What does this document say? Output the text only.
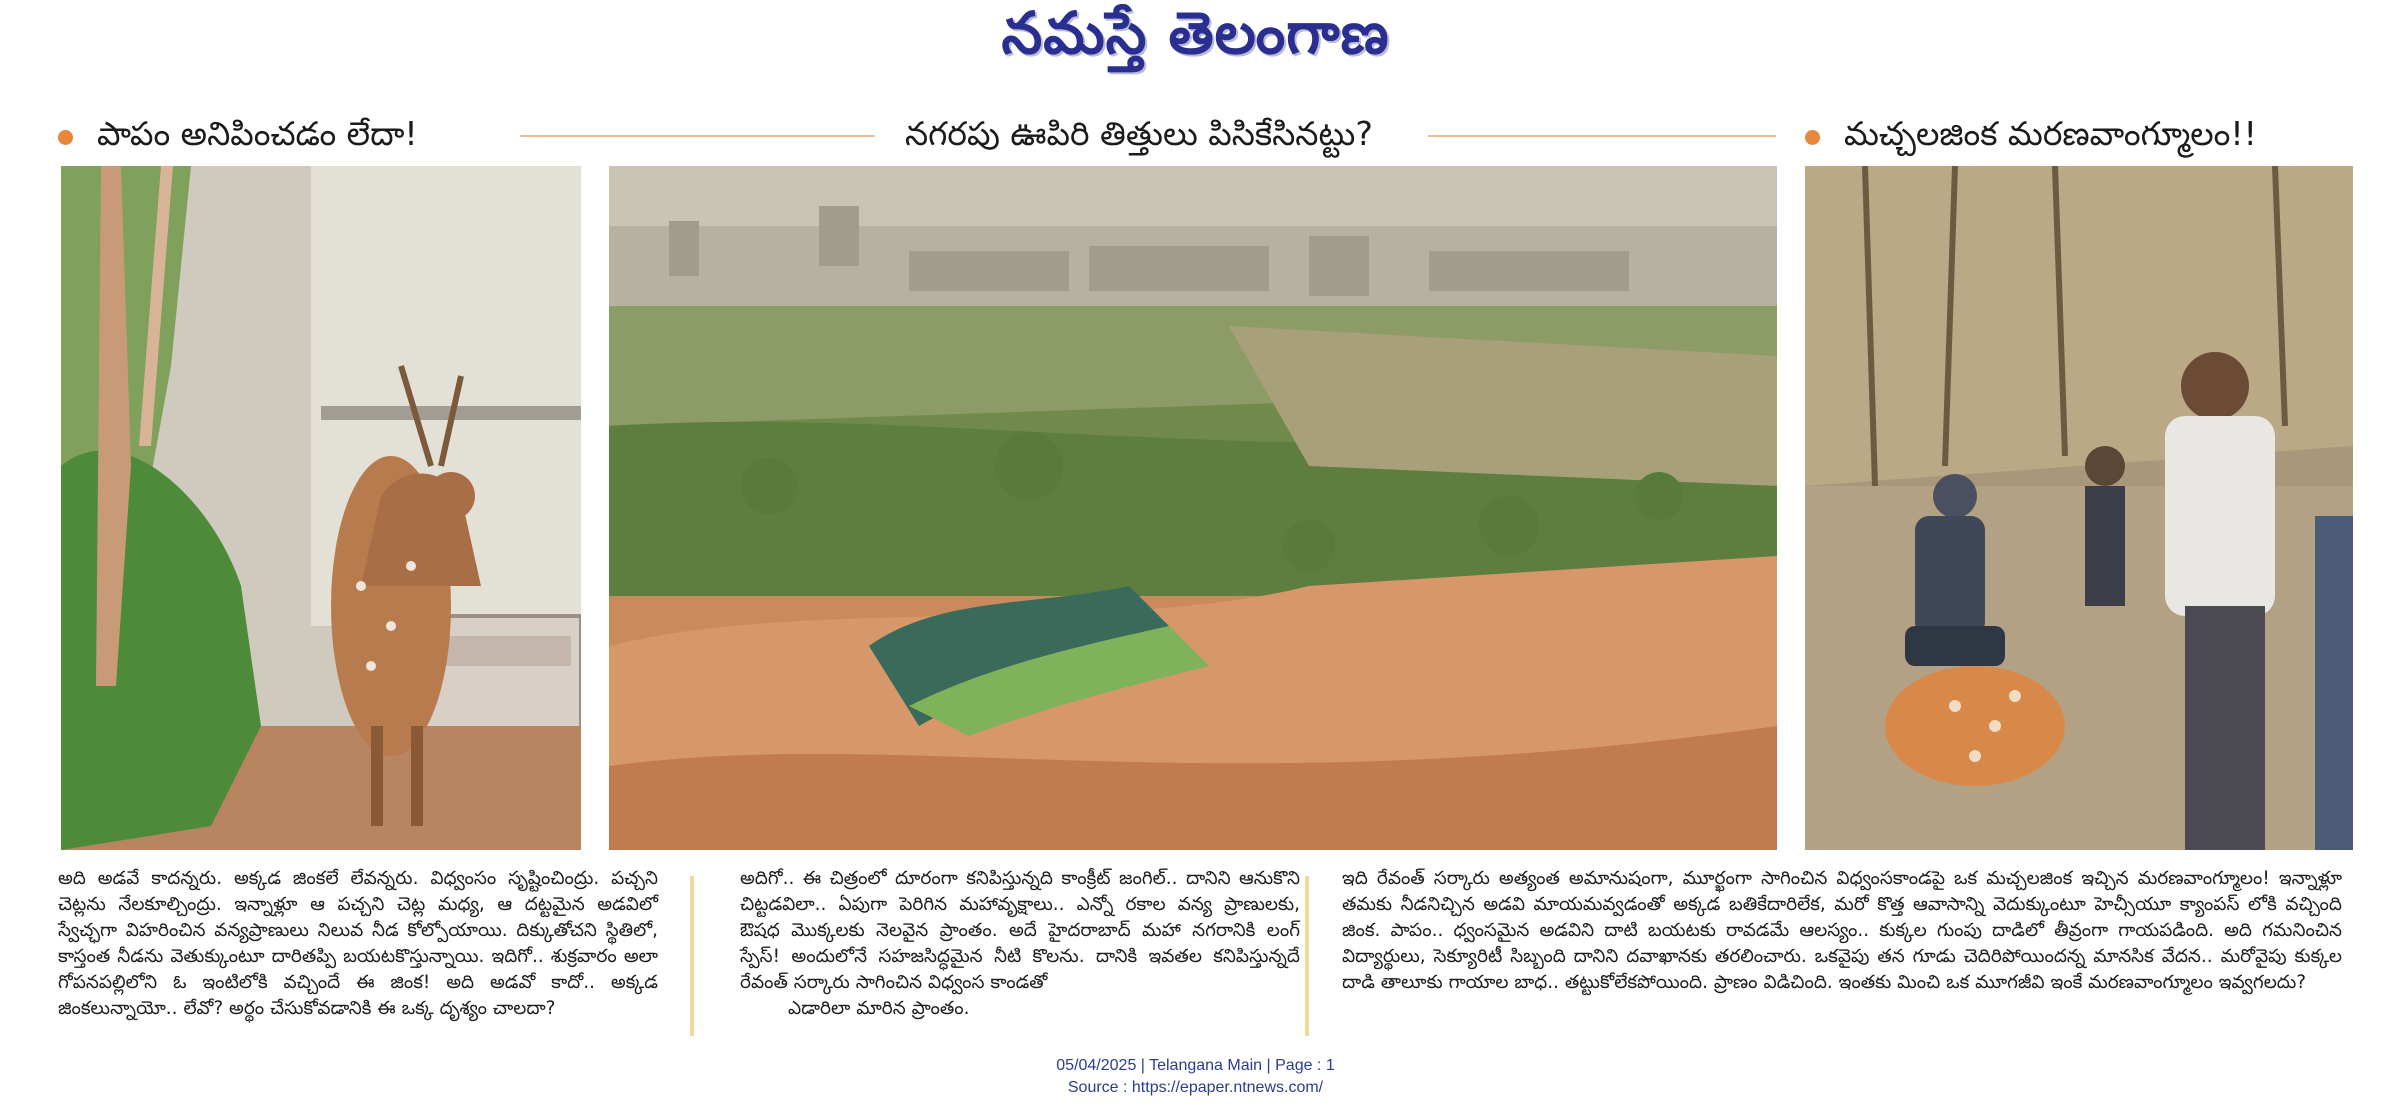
నమస్తే తెలంగాణ
పాపం అనిపించడం లేదా!	నగరపు ఊపిరి తిత్తులు పిసికేసినట్టు?	మచ్చలజింక మరణవాంగ్మూలం!!

అది అడవే కాదన్నరు. అక్కడ జింకలే లేవన్నరు. విధ్వంసం సృష్టించింద్రు. పచ్చని చెట్లను నేలకూల్చింద్రు. ఇన్నాళ్లూ ఆ పచ్చని చెట్ల మధ్య, ఆ దట్టమైన అడవిలో స్వేచ్ఛగా విహరించిన వన్యప్రాణులు నిలువ నీడ కోల్పోయాయి. దిక్కుతోచని స్థితిలో, కాస్తంత నీడను వెతుక్కుంటూ దారితప్పి బయటకొస్తున్నాయి. ఇదిగో.. శుక్రవారం అలా గోపనపల్లిలోని ఓ ఇంటిలోకి వచ్చిందే ఈ జింక! అది అడవో కాదో.. అక్కడ జింకలున్నాయో.. లేవో? అర్థం చేసుకోవడానికి ఈ ఒక్క దృశ్యం చాలదా?

అదిగో.. ఈ చిత్రంలో దూరంగా కనిపిస్తున్నది కాంక్రీట్ జంగిల్.. దానిని ఆనుకొని చిట్టడవిలా.. ఏపుగా పెరిగిన మహావృక్షాలు.. ఎన్నో రకాల వన్య ప్రాణులకు, ఔషధ మొక్కలకు నెలవైన ప్రాంతం. అదే హైదరాబాద్ మహా నగరానికి లంగ్ స్పేస్! అందులోనే సహజసిద్ధమైన నీటి కొలను. దానికి ఇవతల కనిపిస్తున్నదే రేవంత్ సర్కారు సాగించిన విధ్వంస కాండతో

ఎడారిలా మారిన ప్రాంతం.

ఇది రేవంత్ సర్కారు అత్యంత అమానుషంగా, మూర్ఖంగా సాగించిన విధ్వంసకాండపై ఒక మచ్చలజింక ఇచ్చిన మరణవాంగ్మూలం! ఇన్నాళ్లూ తమకు నీడనిచ్చిన అడవి మాయమవ్వడంతో అక్కడ బతికేదారిలేక, మరో కొత్త ఆవాసాన్ని వెదుక్కుంటూ హెచ్సీయూ క్యాంపస్ లోకి వచ్చింది జింక. పాపం.. ధ్వంసమైన అడవిని దాటి బయటకు రావడమే ఆలస్యం.. కుక్కల గుంపు దాడిలో తీవ్రంగా గాయపడింది. అది గమనించిన విద్యార్థులు, సెక్యూరిటీ సిబ్బంది దానిని దవాఖానకు తరలించారు. ఒకవైపు తన గూడు చెదిరిపోయిందన్న మానసిక వేదన.. మరోవైపు కుక్కల దాడి తాలూకు గాయాల బాధ.. తట్టుకోలేకపోయింది. ప్రాణం విడిచింది. ఇంతకు మించి ఒక మూగజీవి ఇంకే మరణవాంగ్మూలం ఇవ్వగలదు?

05/04/2025 | Telangana Main | Page : 1
Source : https://epaper.ntnews.com/
